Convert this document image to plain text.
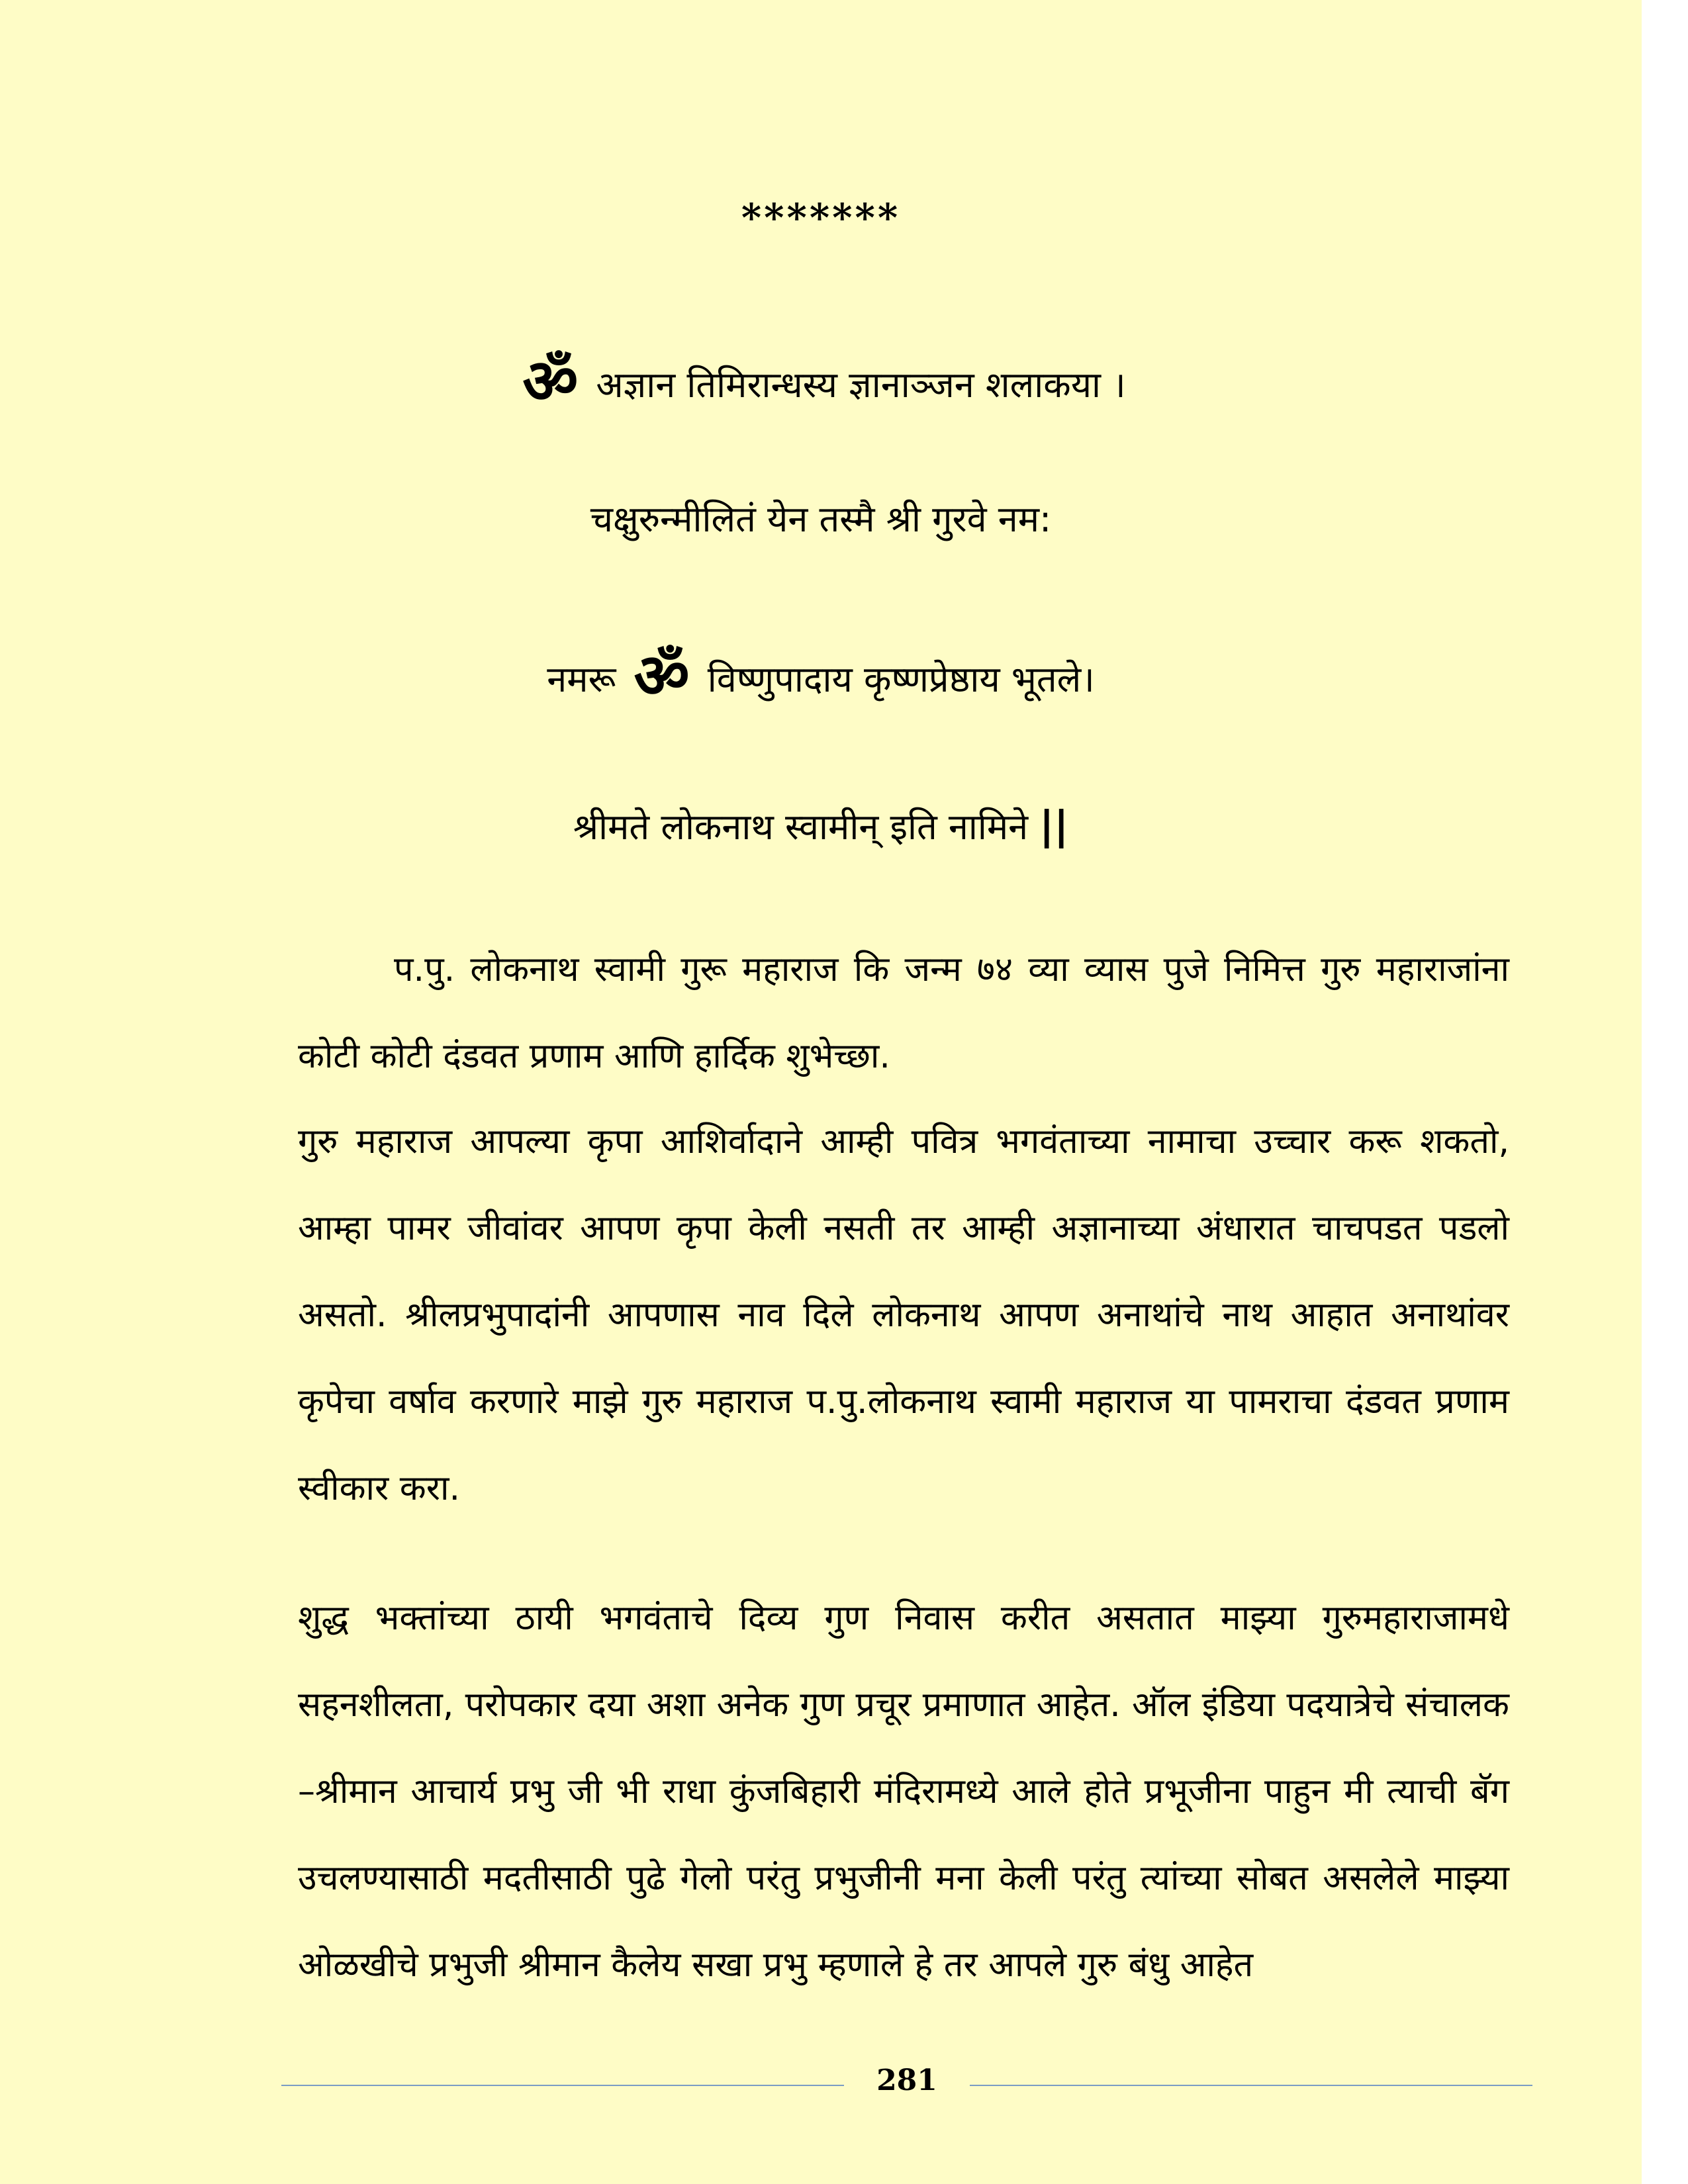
*******
ॐ अज्ञान तिमिरान्धस्य ज्ञानाञ्जन शलाकया ।
चक्षुरुन्मीलितं येन तस्मै श्री गुरवे नम:
नमरू ॐ विष्णुपादाय कृष्णप्रेष्ठाय भूतले।
श्रीमते लोकनाथ स्वामीन् इति नामिने ||

प.पु. लोकनाथ स्वामी गुरू महाराज कि जन्म ७४ व्या व्यास पुजे निमित्त गुरु महाराजांना कोटी कोटी दंडवत प्रणाम आणि हार्दिक शुभेच्छा.

गुरु महाराज आपल्या कृपा आशिर्वादाने आम्ही पवित्र भगवंताच्या नामाचा उच्चार करू शकतो, आम्हा पामर जीवांवर आपण कृपा केली नसती तर आम्ही अज्ञानाच्या अंधारात चाचपडत पडलो असतो. श्रीलप्रभुपादांनी आपणास नाव दिले लोकनाथ आपण अनाथांचे नाथ आहात अनाथांवर कृपेचा वर्षाव करणारे माझे गुरु महाराज प.पु.लोकनाथ स्वामी महाराज या पामराचा दंडवत प्रणाम स्वीकार करा.

शुद्ध भक्तांच्या ठायी भगवंताचे दिव्य गुण निवास करीत असतात माझ्या गुरुमहाराजामधे सहनशीलता, परोपकार दया अशा अनेक गुण प्रचूर प्रमाणात आहेत. ऑल इंडिया पदयात्रेचे संचालक –श्रीमान आचार्य प्रभु जी भी राधा कुंजबिहारी मंदिरामध्ये आले होते प्रभूजीना पाहुन मी त्याची बॅग उचलण्यासाठी मदतीसाठी पुढे गेलो परंतु प्रभुजीनी मना केली परंतु त्यांच्या सोबत असलेले माझ्या ओळखीचे प्रभुजी श्रीमान कैलेय सखा प्रभु म्हणाले हे तर आपले गुरु बंधु आहेत

281
